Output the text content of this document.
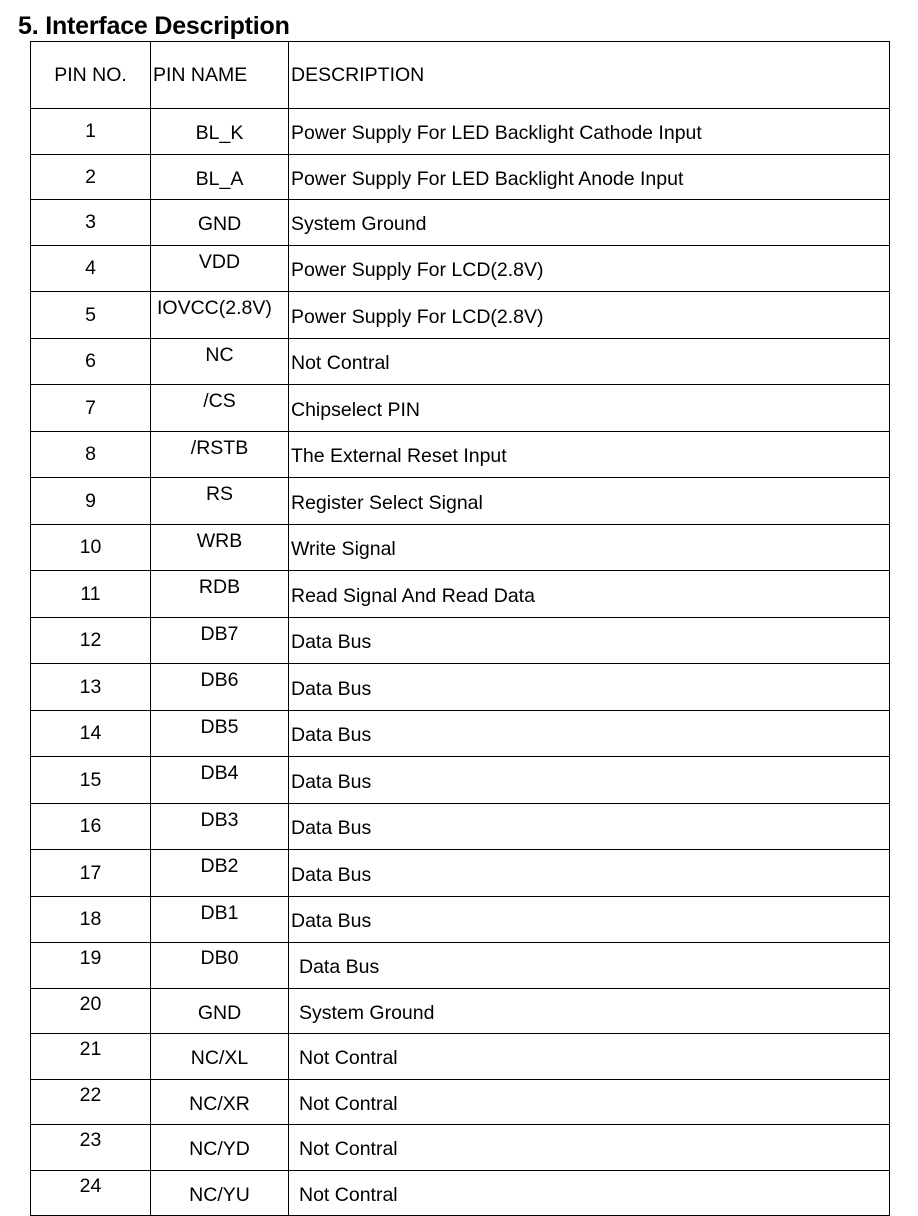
5. Interface Description
PIN NO.	PIN NAME	DESCRIPTION
1	BL_K	Power Supply For LED Backlight Cathode Input
2	BL_A	Power Supply For LED Backlight Anode Input
3	GND	System Ground
4	VDD	Power Supply For LCD(2.8V)
5	IOVCC(2.8V)	Power Supply For LCD(2.8V)
6	NC	Not Contral
7	/CS	Chipselect PIN
8	/RSTB	The External Reset Input
9	RS	Register Select Signal
10	WRB	Write Signal
11	RDB	Read Signal And Read Data
12	DB7	Data Bus
13	DB6	Data Bus
14	DB5	Data Bus
15	DB4	Data Bus
16	DB3	Data Bus
17	DB2	Data Bus
18	DB1	Data Bus
19	DB0	Data Bus
20	GND	System Ground
21	NC/XL	Not Contral
22	NC/XR	Not Contral
23	NC/YD	Not Contral
24	NC/YU	Not Contral
